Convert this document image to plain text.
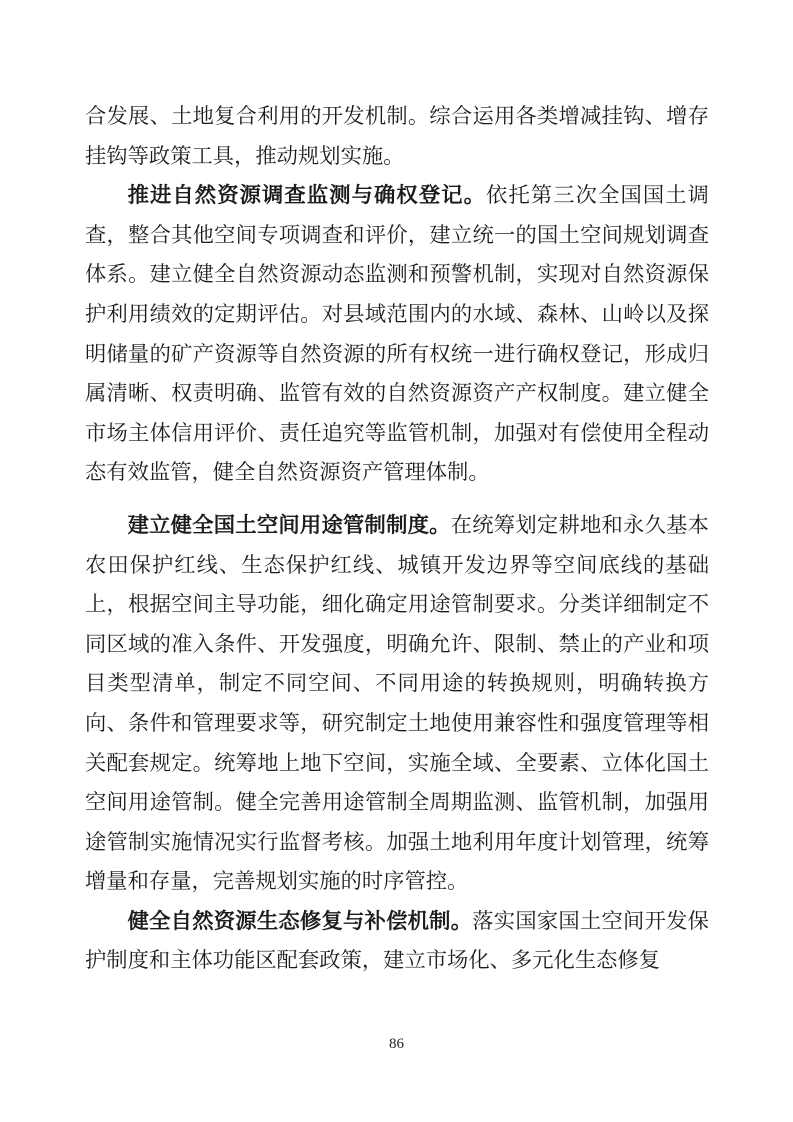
合发展、土地复合利用的开发机制。综合运用各类增减挂钩、增存挂钩等政策工具，推动规划实施。

推进自然资源调查监测与确权登记。依托第三次全国国土调查，整合其他空间专项调查和评价，建立统一的国土空间规划调查体系。建立健全自然资源动态监测和预警机制，实现对自然资源保护利用绩效的定期评估。对县域范围内的水域、森林、山岭以及探明储量的矿产资源等自然资源的所有权统一进行确权登记，形成归属清晰、权责明确、监管有效的自然资源资产产权制度。建立健全市场主体信用评价、责任追究等监管机制，加强对有偿使用全程动态有效监管，健全自然资源资产管理体制。

建立健全国土空间用途管制制度。在统筹划定耕地和永久基本农田保护红线、生态保护红线、城镇开发边界等空间底线的基础上，根据空间主导功能，细化确定用途管制要求。分类详细制定不同区域的准入条件、开发强度，明确允许、限制、禁止的产业和项目类型清单，制定不同空间、不同用途的转换规则，明确转换方向、条件和管理要求等，研究制定土地使用兼容性和强度管理等相关配套规定。统筹地上地下空间，实施全域、全要素、立体化国土空间用途管制。健全完善用途管制全周期监测、监管机制，加强用途管制实施情况实行监督考核。加强土地利用年度计划管理，统筹增量和存量，完善规划实施的时序管控。

健全自然资源生态修复与补偿机制。落实国家国土空间开发保护制度和主体功能区配套政策，建立市场化、多元化生态修复

86
